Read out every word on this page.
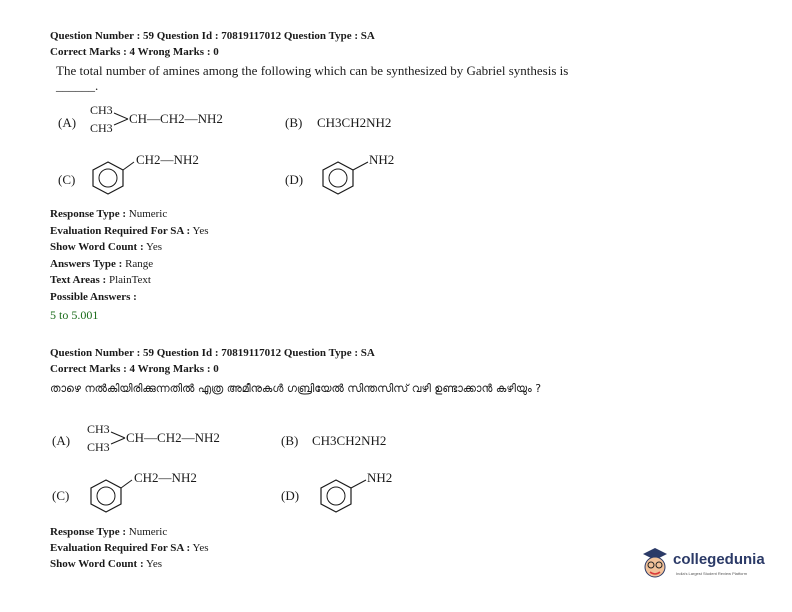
Question Number : 59 Question Id : 70819117012 Question Type : SA
Correct Marks : 4 Wrong Marks : 0
The total number of amines among the following which can be synthesized by Gabriel synthesis is ______.
(A)
CH3
CH3
CH—CH2—NH2	(B) CH3CH2NH2
(C)
CH2—NH2
(D)
NH2
Response Type : Numeric
Evaluation Required For SA : Yes
Show Word Count : Yes
Answers Type : Range
Text Areas : PlainText
Possible Answers :
5 to 5.001
Question Number : 59 Question Id : 70819117012 Question Type : SA
Correct Marks : 4 Wrong Marks : 0
താഴെ നൽകിയിരിക്കുന്നതിൽ എത്ര അമീനുകൾ ഗബ്രിയേൽ സിന്തസിസ് വഴി ഉണ്ടാക്കാൻ കഴിയും ?
(A)
CH3
CH3
CH—CH2—NH2	(B) CH3CH2NH2
(C)
CH2—NH2
(D)
NH2
Response Type : Numeric
Evaluation Required For SA : Yes
Show Word Count : Yes	collegedunia
India's Largest Student Review Platform
